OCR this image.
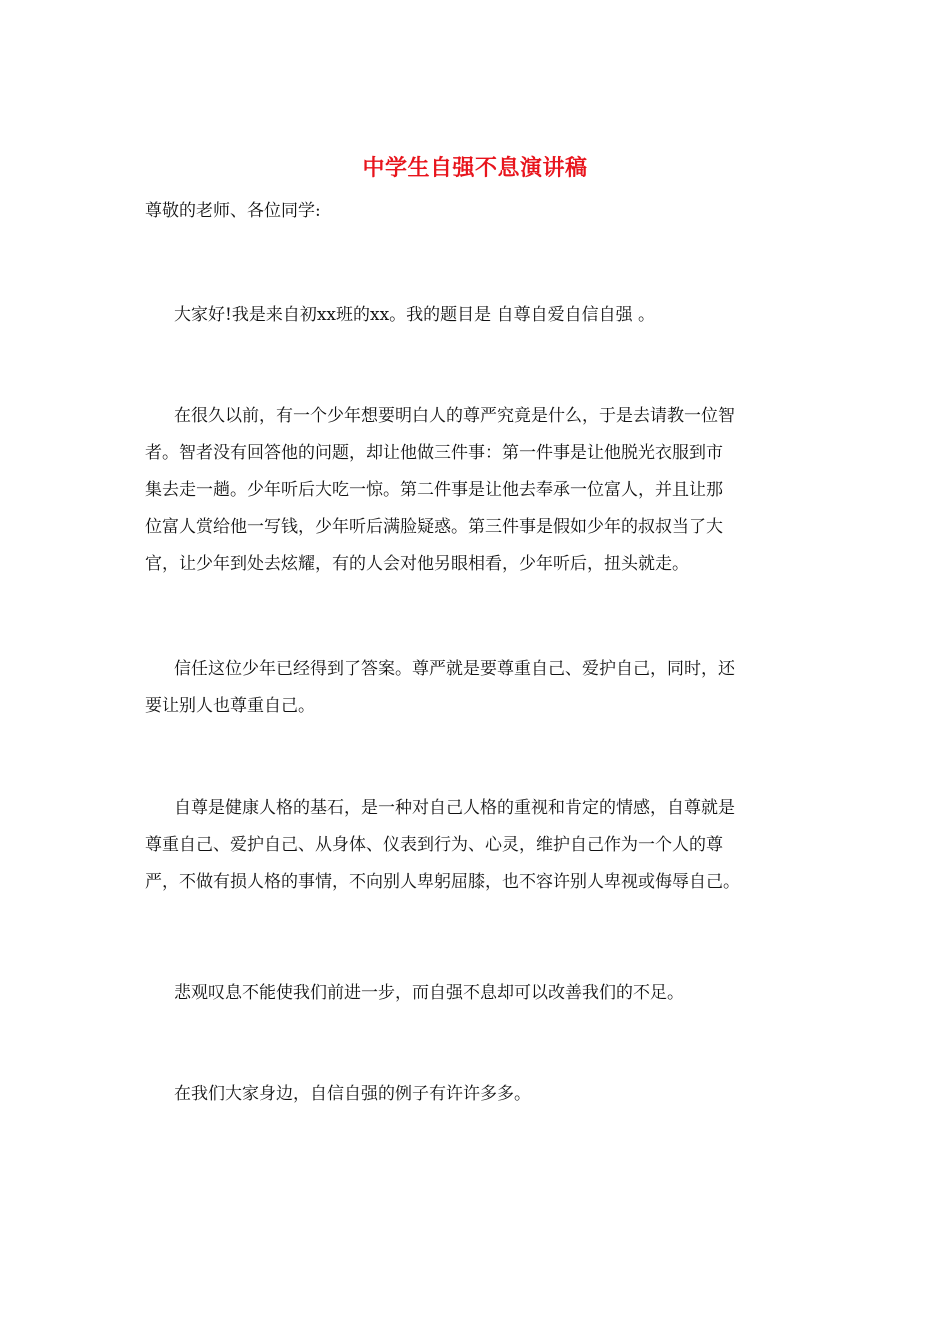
中学生自强不息演讲稿
尊敬的老师、各位同学:
大家好!我是来自初xx班的xx。我的题目是 自尊自爱自信自强 。
在很久以前，有一个少年想要明白人的尊严究竟是什么，于是去请教一位智
者。智者没有回答他的问题，却让他做三件事：第一件事是让他脱光衣服到市
集去走一趟。少年听后大吃一惊。第二件事是让他去奉承一位富人，并且让那
位富人赏给他一写钱，少年听后满脸疑惑。第三件事是假如少年的叔叔当了大
官，让少年到处去炫耀，有的人会对他另眼相看，少年听后，扭头就走。
信任这位少年已经得到了答案。尊严就是要尊重自己、爱护自己，同时，还
要让别人也尊重自己。
自尊是健康人格的基石，是一种对自己人格的重视和肯定的情感，自尊就是
尊重自己、爱护自己、从身体、仪表到行为、心灵，维护自己作为一个人的尊
严，不做有损人格的事情，不向别人卑躬屈膝，也不容许别人卑视或侮辱自己。
悲观叹息不能使我们前进一步，而自强不息却可以改善我们的不足。
在我们大家身边，自信自强的例子有许许多多。
